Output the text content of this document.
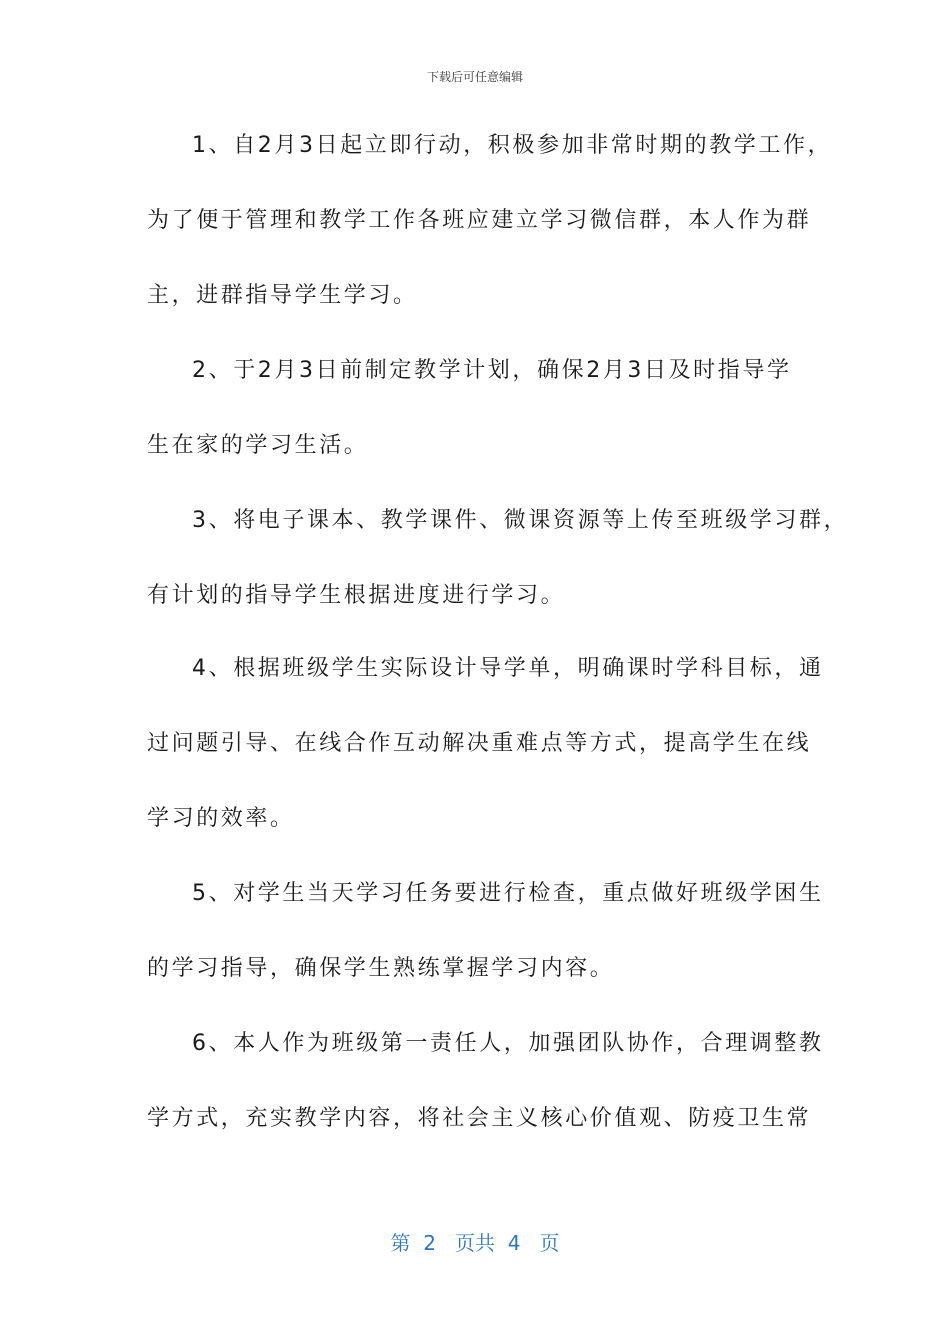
下载后可任意编辑
1、自2月3日起立即行动，积极参加非常时期的教学工作，
为了便于管理和教学工作各班应建立学习微信群，本人作为群
主，进群指导学生学习。
2、于2月3日前制定教学计划，确保2月3日及时指导学
生在家的学习生活。
3、将电子课本、教学课件、微课资源等上传至班级学习群，
有计划的指导学生根据进度进行学习。
4、根据班级学生实际设计导学单，明确课时学科目标，通
过问题引导、在线合作互动解决重难点等方式，提高学生在线
学习的效率。
5、对学生当天学习任务要进行检查，重点做好班级学困生
的学习指导，确保学生熟练掌握学习内容。
6、本人作为班级第一责任人，加强团队协作，合理调整教
学方式，充实教学内容，将社会主义核心价值观、防疫卫生常
第  2   页共  4   页
